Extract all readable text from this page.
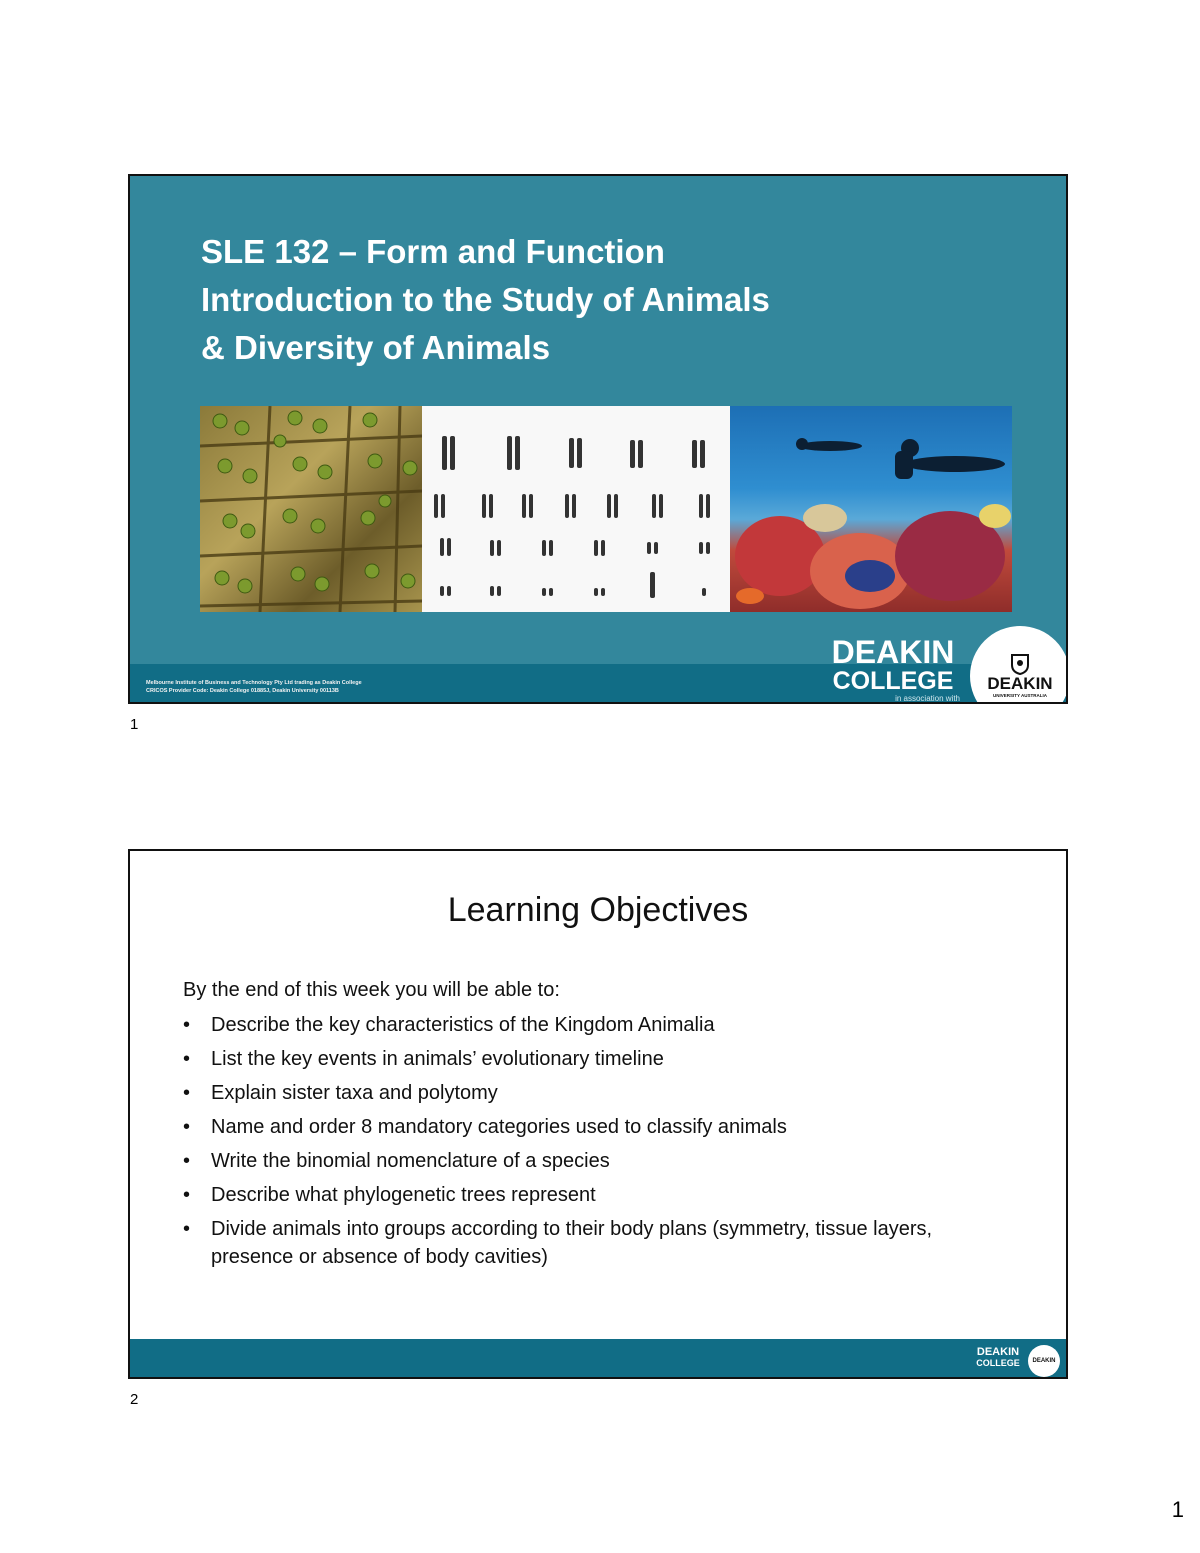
SLE 132 – Form and Function
Introduction to the Study of Animals
& Diversity of Animals
Melbourne Institute of Business and Technology Pty Ltd trading as Deakin College
CRICOS Provider Code: Deakin College 01885J, Deakin University 00113B
DEAKIN
COLLEGE
in association with
DEAKIN
UNIVERSITY AUSTRALIA
1
Learning Objectives
By the end of this week you will be able to:
• Describe the key characteristics of the Kingdom Animalia
• List the key events in animals’ evolutionary timeline
• Explain sister taxa and polytomy
• Name and order 8 mandatory categories used to classify animals
• Write the binomial nomenclature of a species
• Describe what phylogenetic trees represent
• Divide animals into groups according to their body plans (symmetry, tissue layers, presence or absence of body cavities)
DEAKIN
COLLEGE	DEAKIN
2
1
